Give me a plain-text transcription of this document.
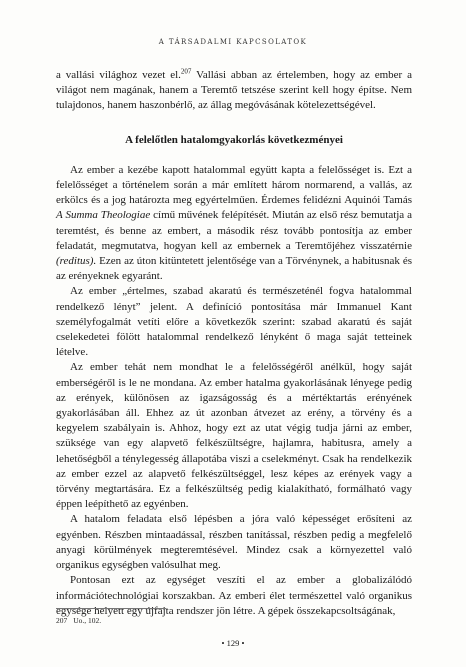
A TÁRSADALMI KAPCSOLATOK

a vallási világhoz vezet el.$^{207}$ Vallási abban az értelemben, hogy az ember a világot nem magának, hanem a Teremtő tetszése szerint kell hogy építse. Nem tulajdonos, hanem haszonbérlő, az állag megóvásának kötelezettségével.

A felelőtlen hatalomgyakorlás következményei

Az ember a kezébe kapott hatalommal együtt kapta a felelősséget is. Ezt a felelősséget a történelem során a már említett három normarend, a vallás, az erkölcs és a jog határozta meg egyértelműen. Érdemes felidézni Aquinói Tamás A Summa Theologiae című művének felépítését. Miután az első rész bemutatja a teremtést, és benne az embert, a második rész tovább pontosítja az ember feladatát, megmutatva, hogyan kell az embernek a Teremtőjéhez visszatérnie (reditus). Ezen az úton kitüntetett jelentősége van a Törvénynek, a habitusnak és az erényeknek egyaránt.

Az ember „értelmes, szabad akaratú és természeténél fogva hatalommal rendelkező lényt” jelent. A definíció pontosítása már Immanuel Kant személyfogalmát vetíti előre a következők szerint: szabad akaratú és saját cselekedetei fölött hatalommal rendelkező lényként ő maga saját tetteinek lételve.

Az ember tehát nem mondhat le a felelősségéről anélkül, hogy saját emberségéről is le ne mondana. Az ember hatalma gyakorlásának lényege pedig az erények, különösen az igazságosság és a mértéktartás erényének gyakorlásában áll. Ehhez az út azonban átvezet az erény, a törvény és a kegyelem szabályain is. Ahhoz, hogy ezt az utat végig tudja járni az ember, szüksége van egy alapvető felkészültségre, hajlamra, habitusra, amely a lehetőségből a ténylegesség állapotába viszi a cselekményt. Csak ha rendelkezik az ember ezzel az alapvető felkészültséggel, lesz képes az erények vagy a törvény megtartására. Ez a felkészültség pedig kialakítható, formálható vagy éppen leépíthető az egyénben.

A hatalom feladata első lépésben a jóra való képességet erősíteni az egyénben. Részben mintaadással, részben tanítással, részben pedig a megfelelő anyagi körülmények megteremtésével. Mindez csak a környezettel való organikus egységben valósulhat meg.

Pontosan ezt az egységet veszíti el az ember a globalizálódó információtechnológiai korszakban. Az emberi élet természettel való organikus egysége helyett egy újfajta rendszer jön létre. A gépek összekapcsoltságának,

207 Uo., 102.
• 129 •
